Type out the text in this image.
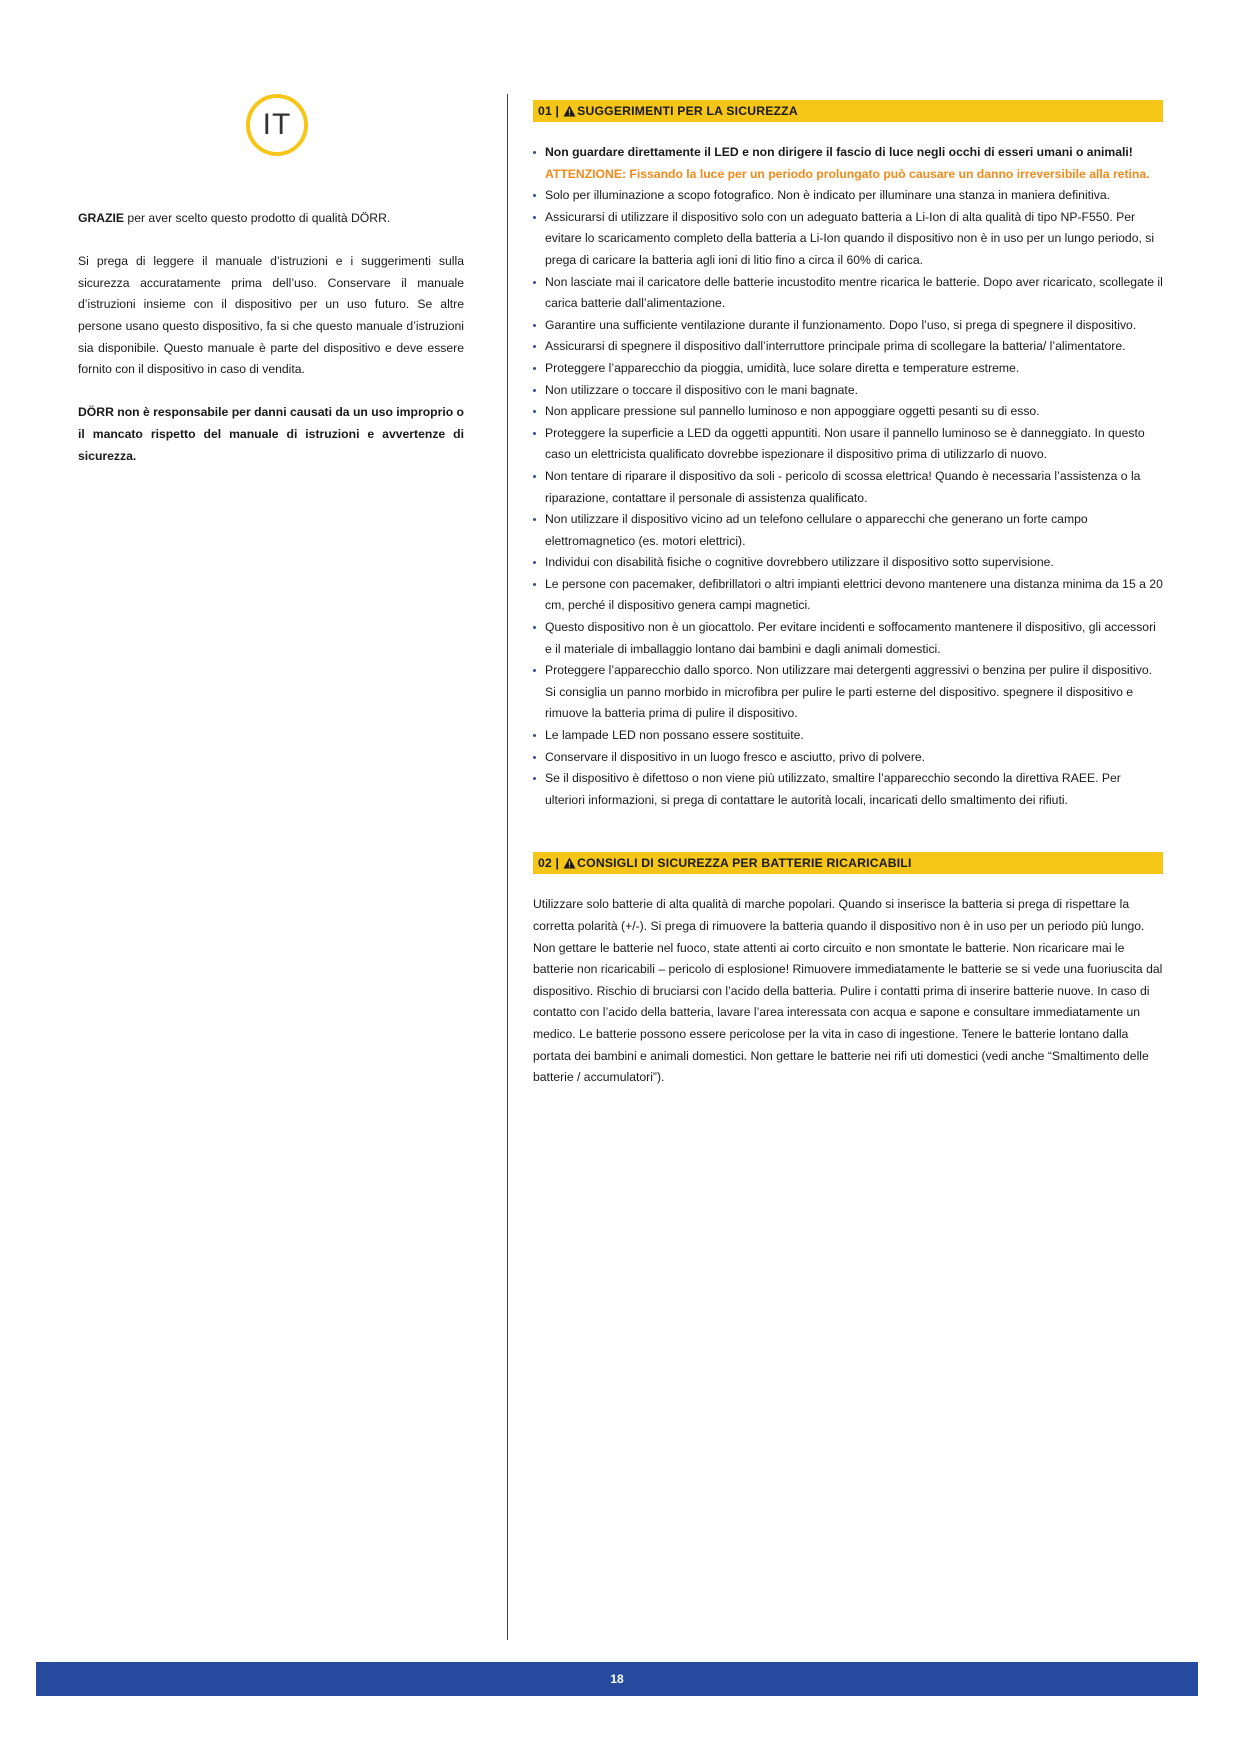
IT

GRAZIE per aver scelto questo prodotto di qualità DÖRR.

Si prega di leggere il manuale d’istruzioni e i suggerimenti sulla sicurezza accuratamente prima dell’uso. Conservare il manuale d’istruzioni insieme con il dispositivo per un uso futuro. Se altre persone usano questo dispositivo, fa si che questo manuale d’istruzioni sia disponibile. Questo manuale è parte del dispositivo e deve essere fornito con il dispositivo in caso di vendita.

DÖRR non è responsabile per danni causati da un uso improprio o il mancato rispetto del manuale di istruzioni e avvertenze di sicurezza.

01 | SUGGERIMENTI PER LA SICUREZZA
Non guardare direttamente il LED e non dirigere il fascio di luce negli occhi di esseri umani o animali!
ATTENZIONE: Fissando la luce per un periodo prolungato può causare un danno irreversibile alla retina.
Solo per illuminazione a scopo fotografico. Non è indicato per illuminare una stanza in maniera definitiva.
Assicurarsi di utilizzare il dispositivo solo con un adeguato batteria a Li-Ion di alta qualità di tipo NP-F550. Per evitare lo scaricamento completo della batteria a Li-Ion quando il dispositivo non è in uso per un lungo periodo, si prega di caricare la batteria agli ioni di litio fino a circa il 60% di carica.
Non lasciate mai il caricatore delle batterie incustodito mentre ricarica le batterie. Dopo aver ricaricato, scollegate il carica batterie dall’alimentazione.
Garantire una sufficiente ventilazione durante il funzionamento. Dopo l’uso, si prega di spegnere il dispositivo.
Assicurarsi di spegnere il dispositivo dall’interruttore principale prima di scollegare la batteria/ l’alimentatore.
Proteggere l’apparecchio da pioggia, umidità, luce solare diretta e temperature estreme.
Non utilizzare o toccare il dispositivo con le mani bagnate.
Non applicare pressione sul pannello luminoso e non appoggiare oggetti pesanti su di esso.
Proteggere la superficie a LED da oggetti appuntiti. Non usare il pannello luminoso se è danneggiato. In questo caso un elettricista qualificato dovrebbe ispezionare il dispositivo prima di utilizzarlo di nuovo.
Non tentare di riparare il dispositivo da soli - pericolo di scossa elettrica! Quando è necessaria l’assistenza o la riparazione, contattare il personale di assistenza qualificato.
Non utilizzare il dispositivo vicino ad un telefono cellulare o apparecchi che generano un forte campo elettromagnetico (es. motori elettrici).
Individui con disabilità fisiche o cognitive dovrebbero utilizzare il dispositivo sotto supervisione.
Le persone con pacemaker, defibrillatori o altri impianti elettrici devono mantenere una distanza minima da 15 a 20 cm, perché il dispositivo genera campi magnetici.
Questo dispositivo non è un giocattolo. Per evitare incidenti e soffocamento mantenere il dispositivo, gli accessori e il materiale di imballaggio lontano dai bambini e dagli animali domestici.
Proteggere l’apparecchio dallo sporco. Non utilizzare mai detergenti aggressivi o benzina per pulire il dispositivo. Si consiglia un panno morbido in microfibra per pulire le parti esterne del dispositivo. spegnere il dispositivo e rimuove la batteria prima di pulire il dispositivo.
Le lampade LED non possano essere sostituite.
Conservare il dispositivo in un luogo fresco e asciutto, privo di polvere.
Se il dispositivo è difettoso o non viene più utilizzato, smaltire l’apparecchio secondo la direttiva RAEE. Per ulteriori informazioni, si prega di contattare le autorità locali, incaricati dello smaltimento dei rifiuti.
02 | CONSIGLI DI SICUREZZA PER BATTERIE RICARICABILI

Utilizzare solo batterie di alta qualità di marche popolari. Quando si inserisce la batteria si prega di rispettare la corretta polarità (+/-). Si prega di rimuovere la batteria quando il dispositivo non è in uso per un periodo più lungo. Non gettare le batterie nel fuoco, state attenti ai corto circuito e non smontate le batterie. Non ricaricare mai le batterie non ricaricabili – pericolo di esplosione! Rimuovere immediatamente le batterie se si vede una fuoriuscita dal dispositivo. Rischio di bruciarsi con l’acido della batteria. Pulire i contatti prima di inserire batterie nuove. In caso di contatto con l’acido della batteria, lavare l’area interessata con acqua e sapone e consultare immediatamente un medico. Le batterie possono essere pericolose per la vita in caso di ingestione. Tenere le batterie lontano dalla portata dei bambini e animali domestici. Non gettare le batterie nei rifi uti domestici (vedi anche “Smaltimento delle batterie / accumulatori”).

18
